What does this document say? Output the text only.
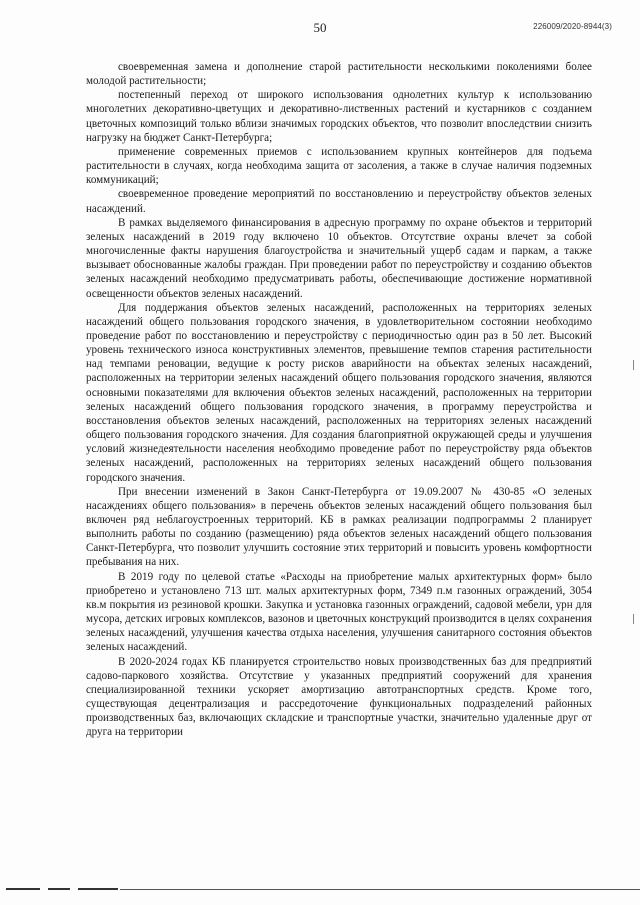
50	226009/2020-8944(3)

своевременная замена и дополнение старой растительности несколькими поколениями более молодой растительности;

постепенный переход от широкого использования однолетних культур к использованию многолетних декоративно-цветущих и декоративно-лиственных растений и кустарников с созданием цветочных композиций только вблизи значимых городских объектов, что позволит впоследствии снизить нагрузку на бюджет Санкт-Петербурга;

применение современных приемов с использованием крупных контейнеров для подъема растительности в случаях, когда необходима защита от засоления, а также в случае наличия подземных коммуникаций;

своевременное проведение мероприятий по восстановлению и переустройству объектов зеленых насаждений.

В рамках выделяемого финансирования в адресную программу по охране объектов и территорий зеленых насаждений в 2019 году включено 10 объектов. Отсутствие охраны влечет за собой многочисленные факты нарушения благоустройства и значительный ущерб садам и паркам, а также вызывает обоснованные жалобы граждан. При проведении работ по переустройству и созданию объектов зеленых насаждений необходимо предусматривать работы, обеспечивающие достижение нормативной освещенности объектов зеленых насаждений.

Для поддержания объектов зеленых насаждений, расположенных на территориях зеленых насаждений общего пользования городского значения, в удовлетворительном состоянии необходимо проведение работ по восстановлению и переустройству с периодичностью один раз в 50 лет. Высокий уровень технического износа конструктивных элементов, превышение темпов старения растительности над темпами реновации, ведущие к росту рисков аварийности на объектах зеленых насаждений, расположенных на территории зеленых насаждений общего пользования городского значения, являются основными показателями для включения объектов зеленых насаждений, расположенных на территории зеленых насаждений общего пользования городского значения, в программу переустройства и восстановления объектов зеленых насаждений, расположенных на территориях зеленых насаждений общего пользования городского значения. Для создания благоприятной окружающей среды и улучшения условий жизнедеятельности населения необходимо проведение работ по переустройству ряда объектов зеленых насаждений, расположенных на территориях зеленых насаждений общего пользования городского значения.

При внесении изменений в Закон Санкт-Петербурга от 19.09.2007 № 430-85 «О зеленых насаждениях общего пользования» в перечень объектов зеленых насаждений общего пользования был включен ряд неблагоустроенных территорий. КБ в рамках реализации подпрограммы 2 планирует выполнить работы по созданию (размещению) ряда объектов зеленых насаждений общего пользования Санкт-Петербурга, что позволит улучшить состояние этих территорий и повысить уровень комфортности пребывания на них.

В 2019 году по целевой статье «Расходы на приобретение малых архитектурных форм» было приобретено и установлено 713 шт. малых архитектурных форм, 7349 п.м газонных ограждений, 3054 кв.м покрытия из резиновой крошки. Закупка и установка газонных ограждений, садовой мебели, урн для мусора, детских игровых комплексов, вазонов и цветочных конструкций производится в целях сохранения зеленых насаждений, улучшения качества отдыха населения, улучшения санитарного состояния объектов зеленых насаждений.

В 2020-2024 годах КБ планируется строительство новых производственных баз для предприятий садово-паркового хозяйства. Отсутствие у указанных предприятий сооружений для хранения специализированной техники ускоряет амортизацию автотранспортных средств. Кроме того, существующая децентрализация и рассредоточение функциональных подразделений районных производственных баз, включающих складские и транспортные участки, значительно удаленные друг от друга на территории
